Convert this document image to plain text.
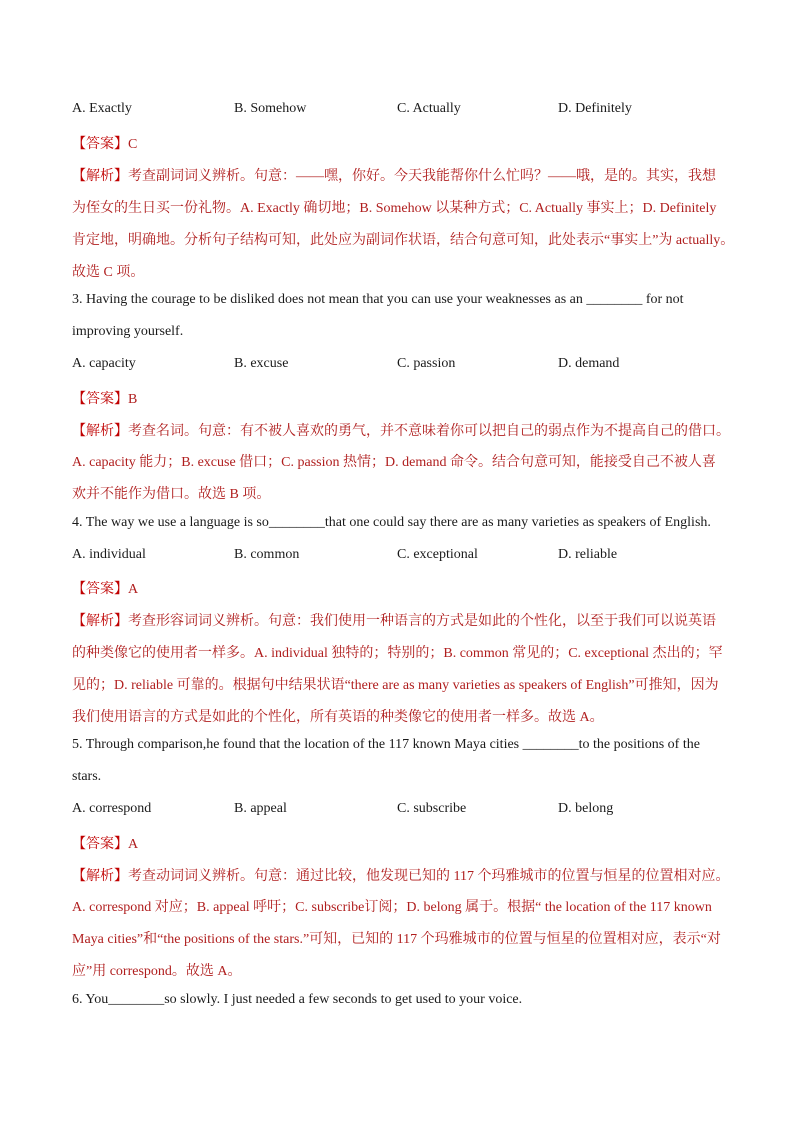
A. Exactly	B. Somehow	C. Actually	D. Definitely
【答案】C
【解析】考查副词词义辨析。句意：——嘿，你好。今天我能帮你什么忙吗？——哦，是的。其实，我想
为侄女的生日买一份礼物。A. Exactly 确切地；B. Somehow 以某种方式；C. Actually 事实上；D. Definitely
肯定地，明确地。分析句子结构可知，此处应为副词作状语，结合句意可知，此处表示“事实上”为 actually。
故选 C 项。
3. Having the courage to be disliked does not mean that you can use your weaknesses as an ________ for not
improving yourself.
A. capacity	B. excuse	C. passion	D. demand
【答案】B
【解析】考查名词。句意：有不被人喜欢的勇气，并不意味着你可以把自己的弱点作为不提高自己的借口。
A. capacity 能力；B. excuse 借口；C. passion 热情；D. demand 命令。结合句意可知，能接受自己不被人喜
欢并不能作为借口。故选 B 项。
4. The way we use a language is so________that one could say there are as many varieties as speakers of English.
A. individual	B. common	C. exceptional	D. reliable
【答案】A
【解析】考查形容词词义辨析。句意：我们使用一种语言的方式是如此的个性化，以至于我们可以说英语
的种类像它的使用者一样多。A. individual 独特的；特别的；B. common 常见的；C. exceptional 杰出的；罕
见的；D. reliable 可靠的。根据句中结果状语“there are as many varieties as speakers of English”可推知，因为
我们使用语言的方式是如此的个性化，所有英语的种类像它的使用者一样多。故选 A。
5. Through comparison,he found that the location of the 117 known Maya cities ________to the positions of the
stars.
A. correspond	B. appeal	C. subscribe	D. belong
【答案】A
【解析】考查动词词义辨析。句意：通过比较，他发现已知的 117 个玛雅城市的位置与恒星的位置相对应。
A. correspond 对应；B. appeal 呼吁；C. subscribe订阅；D. belong 属于。根据“ the location of the 117 known
Maya cities”和“the positions of the stars.”可知，已知的 117 个玛雅城市的位置与恒星的位置相对应，表示“对
应”用 correspond。故选 A。
6. You________so slowly. I just needed a few seconds to get used to your voice.
